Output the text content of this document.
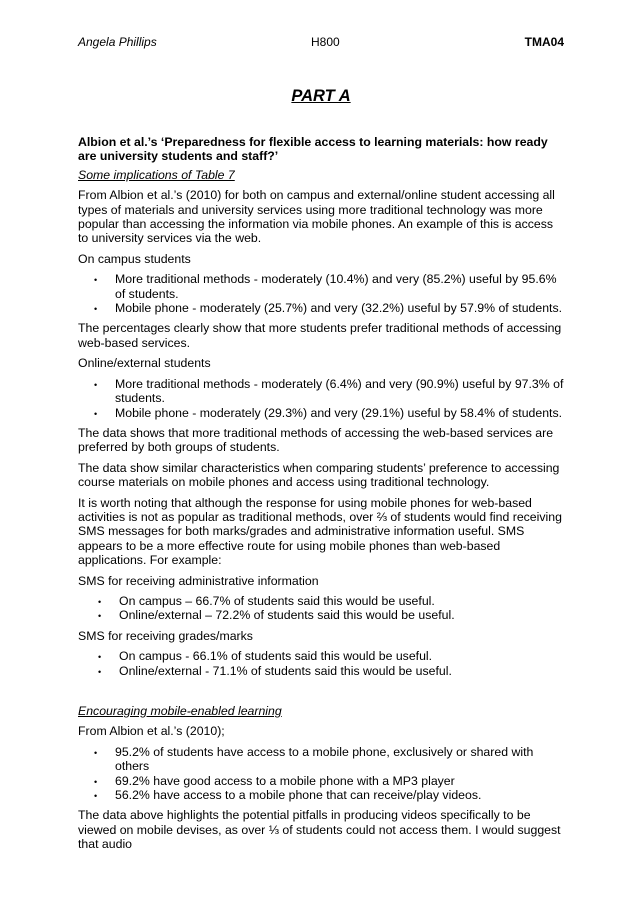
Angela Phillips	H800	TMA04
PART A

Albion et al.’s ‘Preparedness for flexible access to learning materials: how ready are university students and staff?’

Some implications of Table 7

From Albion et al.’s (2010) for both on campus and external/online student accessing all types of materials and university services using more traditional technology was more popular than accessing the information via mobile phones. An example of this is access to university services via the web.

On campus students

• More traditional methods - moderately (10.4%) and very (85.2%) useful by 95.6% of students.
• Mobile phone - moderately (25.7%) and very (32.2%) useful by 57.9% of students.

The percentages clearly show that more students prefer traditional methods of accessing web-based services.

Online/external students

• More traditional methods - moderately (6.4%) and very (90.9%) useful by 97.3% of students.
• Mobile phone - moderately (29.3%) and very (29.1%) useful by 58.4% of students.

The data shows that more traditional methods of accessing the web-based services are preferred by both groups of students.

The data show similar characteristics when comparing students’ preference to accessing course materials on mobile phones and access using traditional technology.

It is worth noting that although the response for using mobile phones for web-based activities is not as popular as traditional methods, over ⅔ of students would find receiving SMS messages for both marks/grades and administrative information useful. SMS appears to be a more effective route for using mobile phones than web-based applications. For example:

SMS for receiving administrative information

• On campus – 66.7% of students said this would be useful.
• Online/external – 72.2% of students said this would be useful.

SMS for receiving grades/marks

• On campus - 66.1% of students said this would be useful.
• Online/external - 71.1% of students said this would be useful.

Encouraging mobile-enabled learning

From Albion et al.’s (2010);

• 95.2% of students have access to a mobile phone, exclusively or shared with others
• 69.2% have good access to a mobile phone with a MP3 player
• 56.2% have access to a mobile phone that can receive/play videos.

The data above highlights the potential pitfalls in producing videos specifically to be viewed on mobile devises, as over ⅓ of students could not access them. I would suggest that audio
